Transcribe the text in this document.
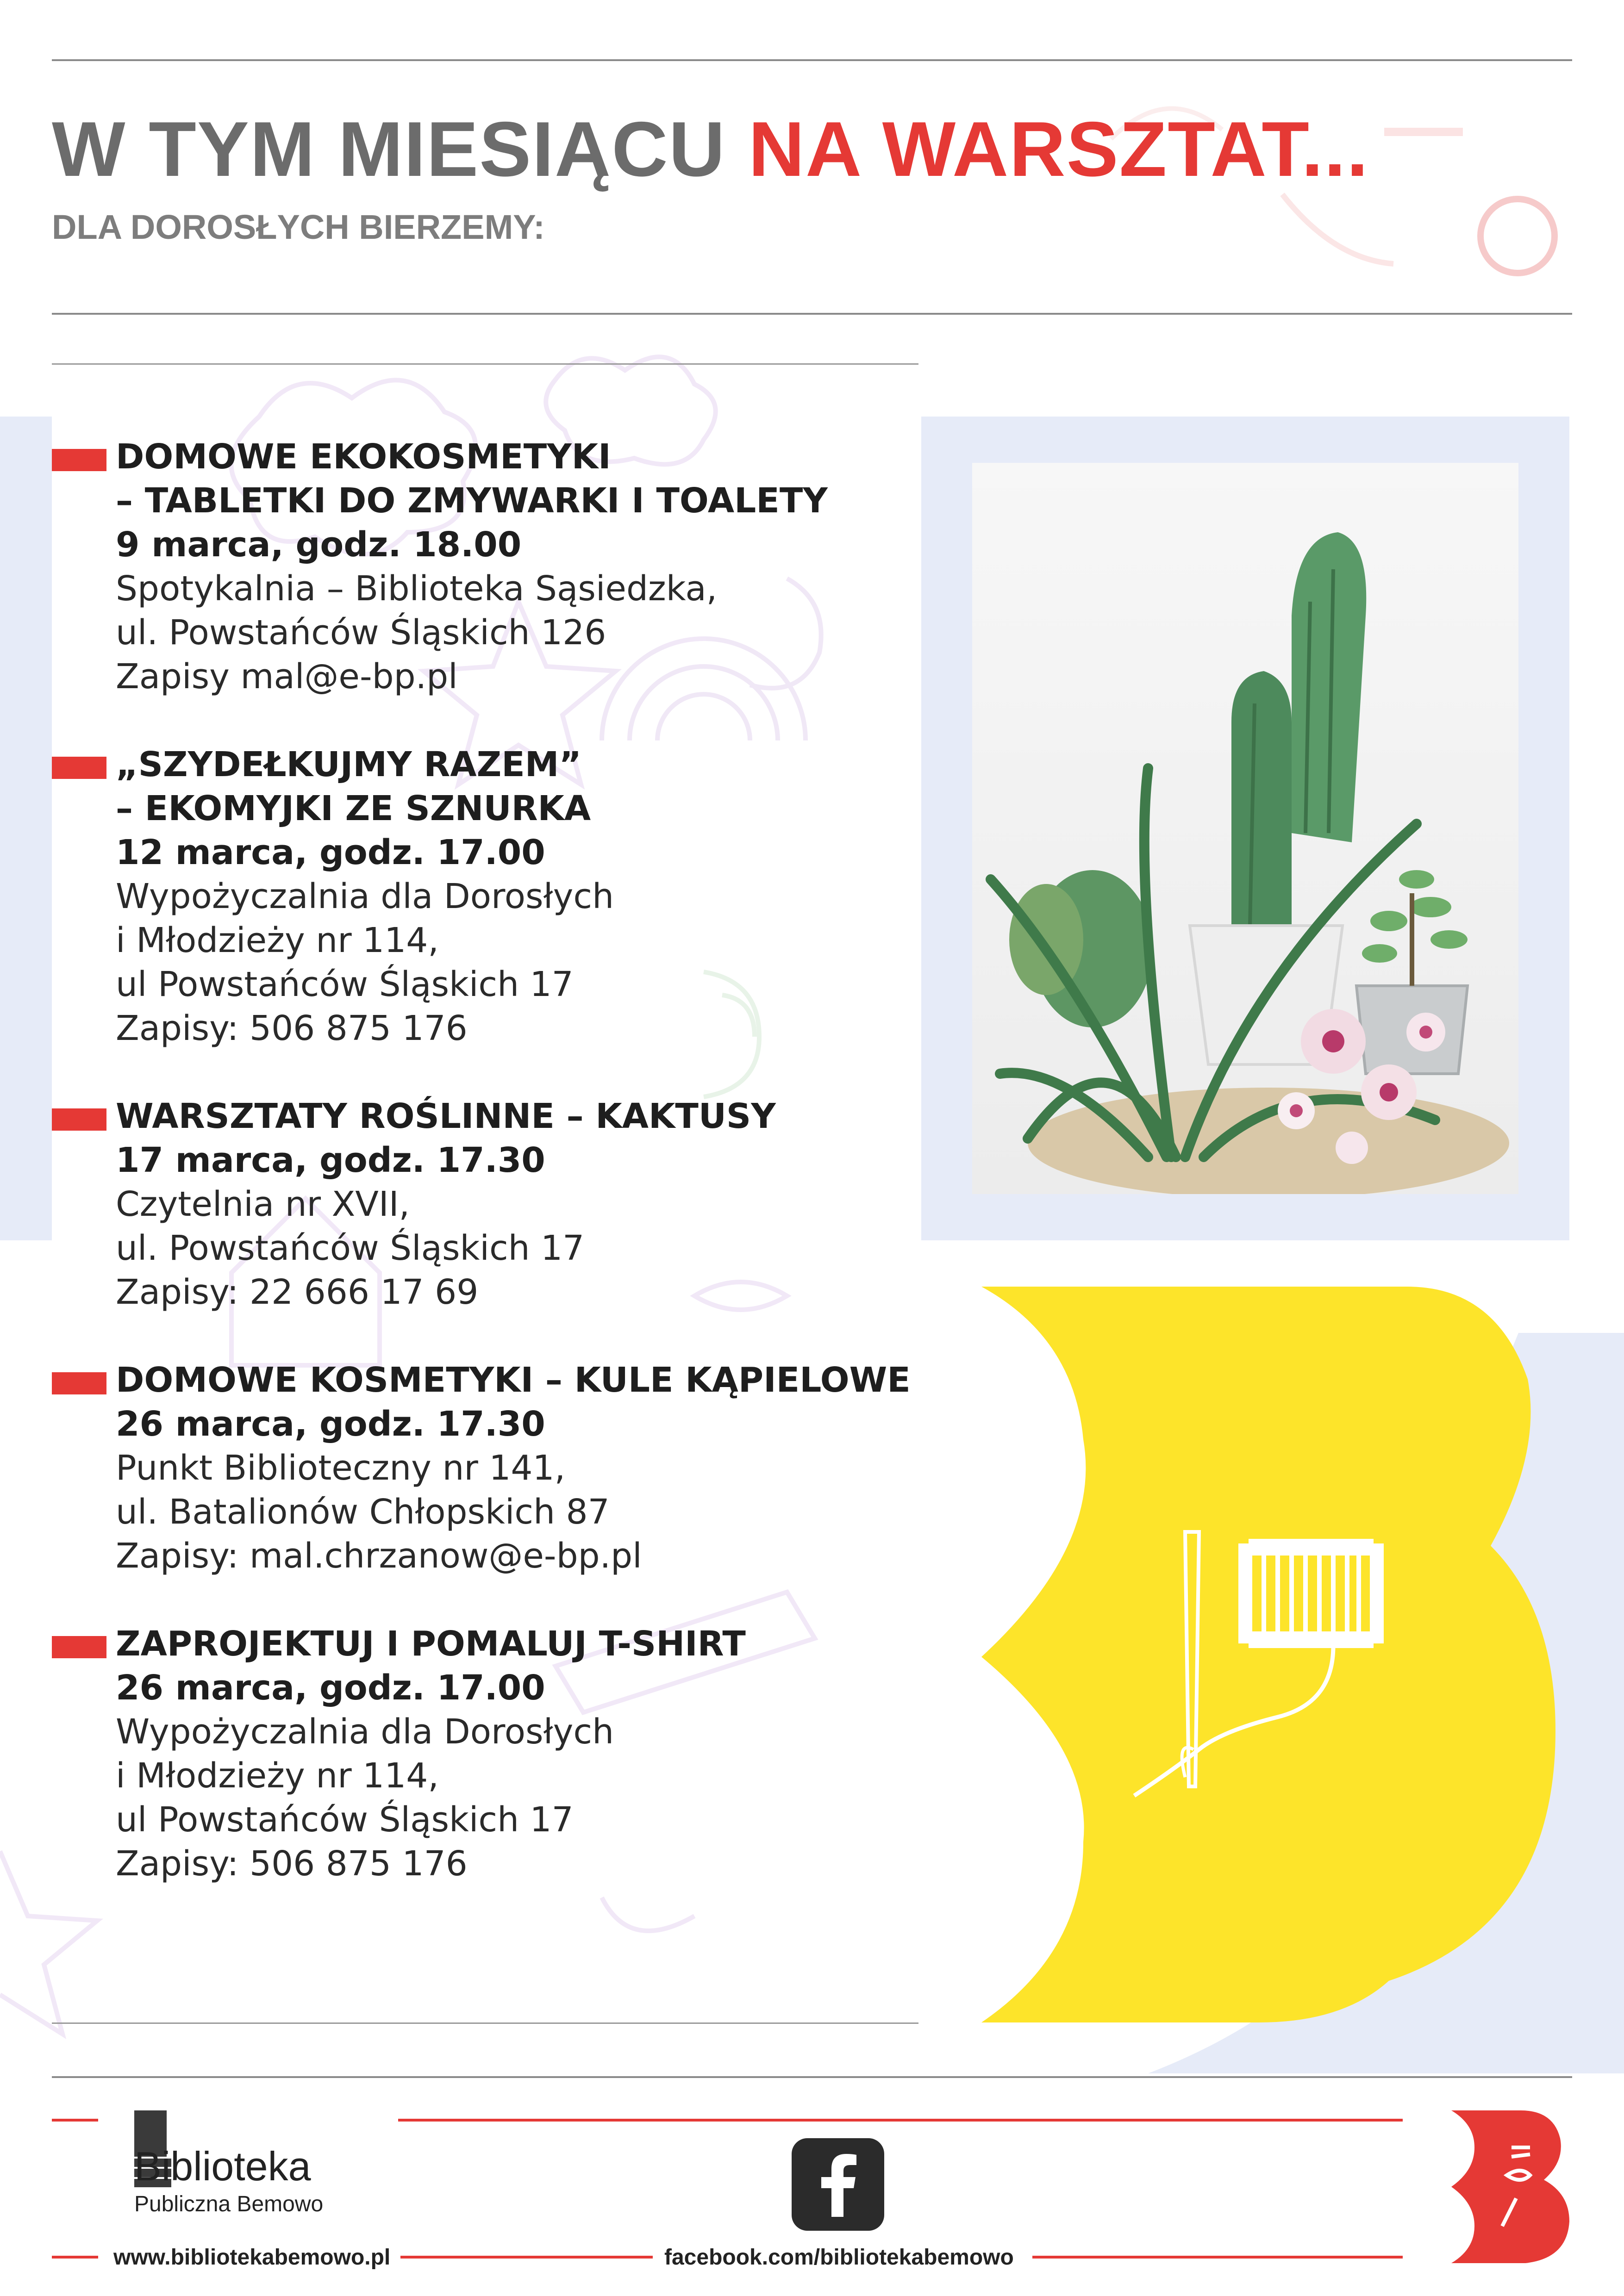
W TYM MIESIĄCU NA WARSZTAT...
DLA DOROSŁYCH BIERZEMY:
DOMOWE EKOKOSMETYKI
– TABLETKI DO ZMYWARKI I TOALETY
9 marca, godz. 18.00
Spotykalnia – Biblioteka Sąsiedzka,
ul. Powstańców Śląskich 126
Zapisy mal@e-bp.pl
„SZYDEŁKUJMY RAZEM”
– EKOMYJKI ZE SZNURKA
12 marca, godz. 17.00
Wypożyczalnia dla Dorosłych
i Młodzieży nr 114,
ul Powstańców Śląskich 17
Zapisy: 506 875 176
WARSZTATY ROŚLINNE – KAKTUSY
17 marca, godz. 17.30
Czytelnia nr XVII,
ul. Powstańców Śląskich 17
Zapisy: 22 666 17 69
DOMOWE KOSMETYKI – KULE KĄPIELOWE
26 marca, godz. 17.30
Punkt Biblioteczny nr 141,
ul. Batalionów Chłopskich 87
Zapisy: mal.chrzanow@e-bp.pl
ZAPROJEKTUJ I POMALUJ T-SHIRT
26 marca, godz. 17.00
Wypożyczalnia dla Dorosłych
i Młodzieży nr 114,
ul Powstańców Śląskich 17
Zapisy: 506 875 176
Biblioteka
Publiczna Bemowo
www.bibliotekabemowo.pl	facebook.com/bibliotekabemowo
